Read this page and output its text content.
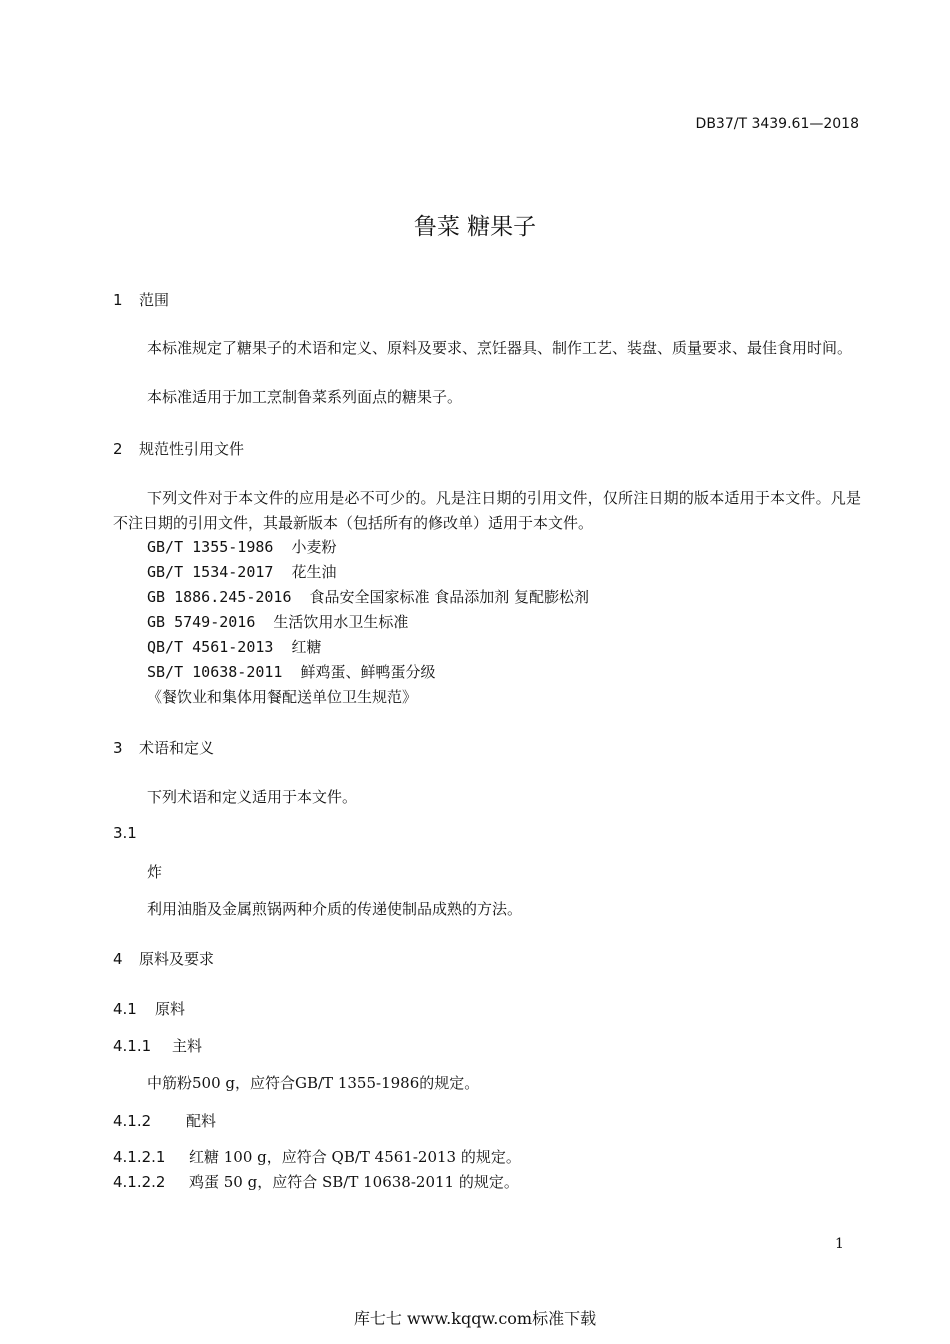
DB37/T 3439.61—2018
鲁菜 糖果子
1 范围
本标准规定了糖果子的术语和定义、原料及要求、烹饪器具、制作工艺、装盘、质量要求、最佳食用时间。
本标准适用于加工烹制鲁菜系列面点的糖果子。
2 规范性引用文件
下列文件对于本文件的应用是必不可少的。凡是注日期的引用文件，仅所注日期的版本适用于本文件。凡是不注日期的引用文件，其最新版本（包括所有的修改单）适用于本文件。
GB/T 1355-1986 小麦粉
GB/T 1534-2017 花生油
GB 1886.245-2016 食品安全国家标准 食品添加剂 复配膨松剂
GB 5749-2016 生活饮用水卫生标准
QB/T 4561-2013 红糖
SB/T 10638-2011 鲜鸡蛋、鲜鸭蛋分级
《餐饮业和集体用餐配送单位卫生规范》
3 术语和定义
下列术语和定义适用于本文件。
3.1
炸
利用油脂及金属煎锅两种介质的传递使制品成熟的方法。
4 原料及要求
4.1 原料
4.1.1 主料
中筋粉500 g，应符合GB/T 1355-1986的规定。
4.1.2 配料
4.1.2.1 红糖 100 g，应符合 QB/T 4561-2013 的规定。
4.1.2.2 鸡蛋 50 g，应符合 SB/T 10638-2011 的规定。
1
库七七 www.kqqw.com标准下载
